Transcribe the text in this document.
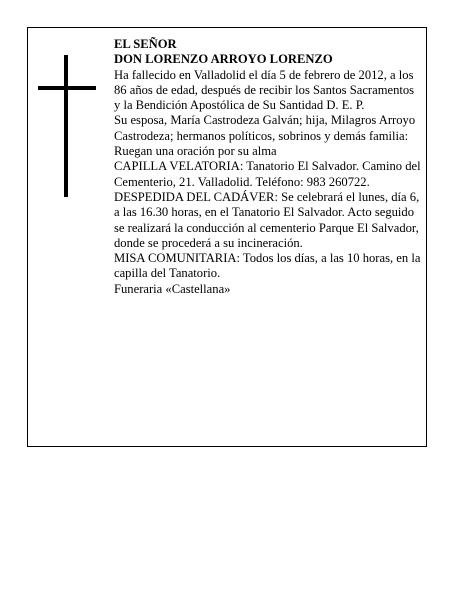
EL SEÑOR

DON LORENZO ARROYO LORENZO

Ha fallecido en Valladolid el día 5 de febrero de 2012, a los 86 años de edad, después de recibir los Santos Sacramentos y la Bendición Apostólica de Su Santidad D. E. P.

Su esposa, María Castrodeza Galván; hija, Milagros Arroyo Castrodeza; hermanos políticos, sobrinos y demás familia:

Ruegan una oración por su alma

CAPILLA VELATORIA: Tanatorio El Salvador. Camino del Cementerio, 21. Valladolid. Teléfono: 983 260722.

DESPEDIDA DEL CADÁVER: Se celebrará el lunes, día 6, a las 16.30 horas, en el Tanatorio El Salvador. Acto seguido se realizará la conducción al cementerio Parque El Salvador, donde se procederá a su incineración.

MISA COMUNITARIA: Todos los días, a las 10 horas, en la capilla del Tanatorio.

Funeraria «Castellana»
